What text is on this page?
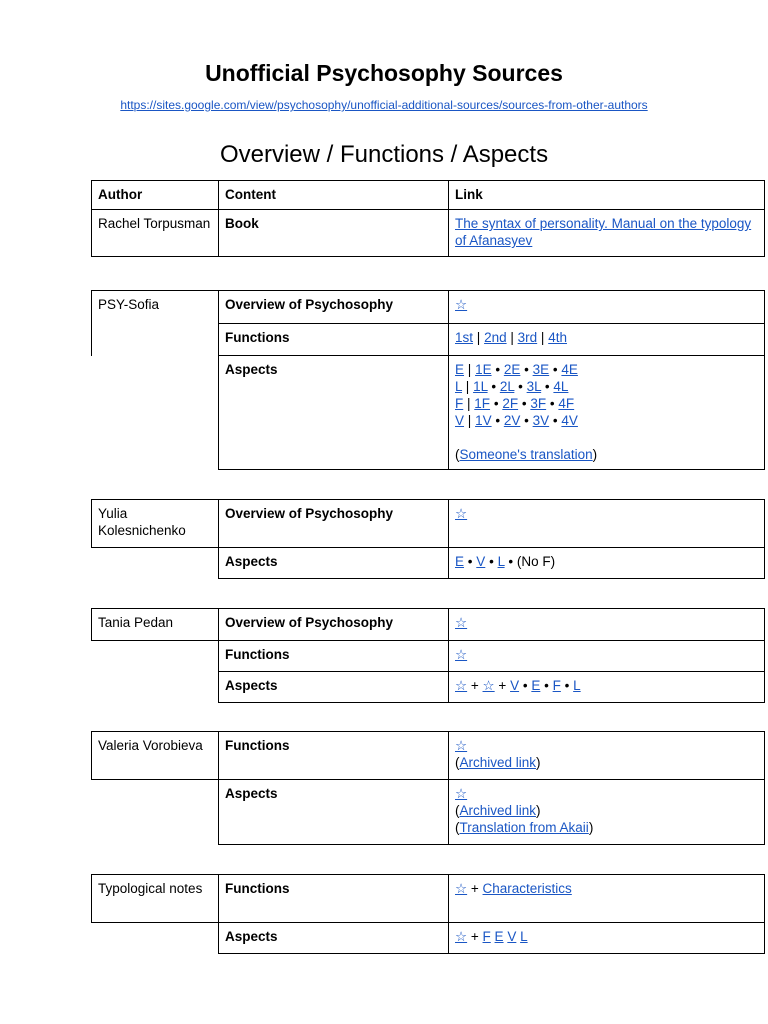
Unofficial Psychosophy Sources
https://sites.google.com/view/psychosophy/unofficial-additional-sources/sources-from-other-authors
Overview / Functions / Aspects
Author	Content	Link
Rachel Torpusman	Book	The syntax of personality. Manual on the typology of Afanasyev
PSY-Sofia	Overview of Psychosophy	☆
	Functions	1st | 2nd | 3rd | 4th
	Aspects	E | 1E • 2E • 3E • 4E
L | 1L • 2L • 3L • 4L
F | 1F • 2F • 3F • 4F
V | 1V • 2V • 3V • 4V
(Someone's translation)
Yulia Kolesnichenko	Overview of Psychosophy	☆
	Aspects	E • V • L • (No F)
Tania Pedan	Overview of Psychosophy	☆
	Functions	☆
	Aspects	☆ + ☆ + V • E • F • L
Valeria Vorobieva	Functions	☆
(Archived link)

	Aspects	☆
(Archived link)
(Translation from Akaii)
Typological notes	Functions	☆ + Characteristics
	Aspects	☆ + F E V L
